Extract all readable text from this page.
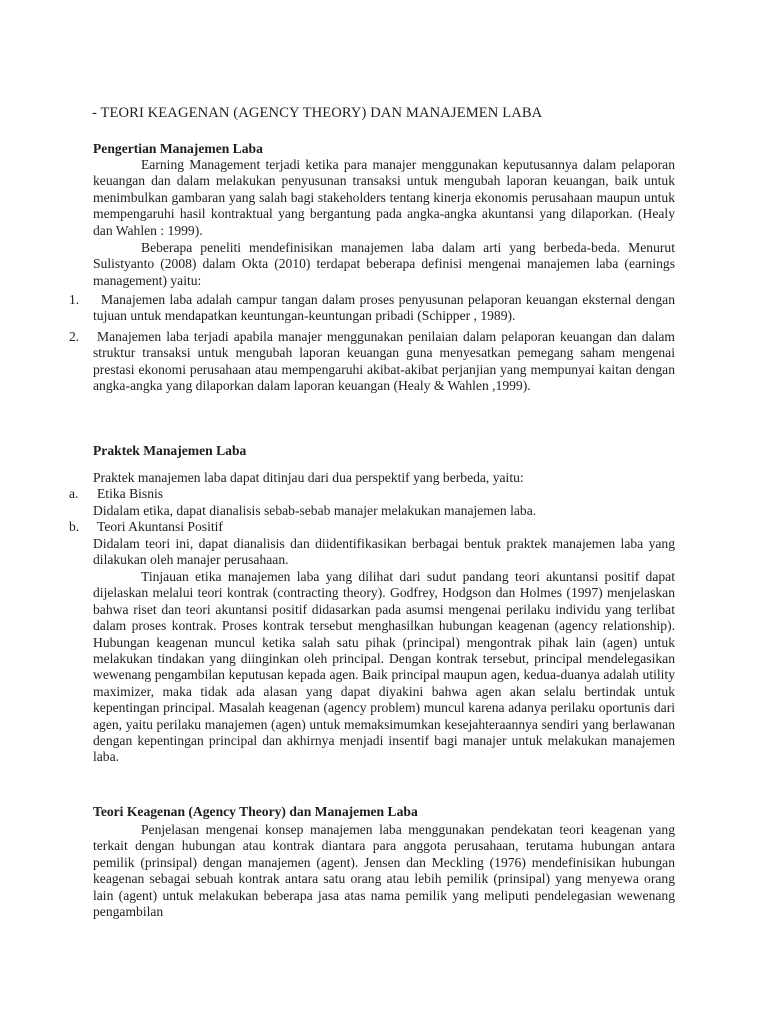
- TEORI KEAGENAN (AGENCY THEORY) DAN MANAJEMEN LABA
Pengertian Manajemen Laba

Earning Management terjadi ketika para manajer menggunakan keputusannya dalam pelaporan keuangan dan dalam melakukan penyusunan transaksi untuk mengubah laporan keuangan, baik untuk menimbulkan gambaran yang salah bagi stakeholders tentang kinerja ekonomis perusahaan maupun untuk mempengaruhi hasil kontraktual yang bergantung pada angka-angka akuntansi yang dilaporkan. (Healy dan Wahlen : 1999).

Beberapa peneliti mendefinisikan manajemen laba dalam arti yang berbeda-beda. Menurut Sulistyanto (2008) dalam Okta (2010) terdapat beberapa definisi mengenai manajemen laba (earnings management) yaitu:

1.	Manajemen laba adalah campur tangan dalam proses penyusunan pelaporan keuangan eksternal dengan tujuan untuk mendapatkan keuntungan-keuntungan pribadi (Schipper , 1989).
2. Manajemen laba terjadi apabila manajer menggunakan penilaian dalam pelaporan keuangan dan dalam struktur transaksi untuk mengubah laporan keuangan guna menyesatkan pemegang saham mengenai prestasi ekonomi perusahaan atau mempengaruhi akibat-akibat perjanjian yang mempunyai kaitan dengan angka-angka yang dilaporkan dalam laporan keuangan (Healy & Wahlen ,1999).
Praktek Manajemen Laba
Praktek manajemen laba dapat ditinjau dari dua perspektif yang berbeda, yaitu:
a. Etika Bisnis
Didalam etika, dapat dianalisis sebab-sebab manajer melakukan manajemen laba.
b. Teori Akuntansi Positif

Didalam teori ini, dapat dianalisis dan diidentifikasikan berbagai bentuk praktek manajemen laba yang dilakukan oleh manajer perusahaan.

Tinjauan etika manajemen laba yang dilihat dari sudut pandang teori akuntansi positif dapat dijelaskan melalui teori kontrak (contracting theory). Godfrey, Hodgson dan Holmes (1997) menjelaskan bahwa riset dan teori akuntansi positif didasarkan pada asumsi mengenai perilaku individu yang terlibat dalam proses kontrak. Proses kontrak tersebut menghasilkan hubungan keagenan (agency relationship). Hubungan keagenan muncul ketika salah satu pihak (principal) mengontrak pihak lain (agen) untuk melakukan tindakan yang diinginkan oleh principal. Dengan kontrak tersebut, principal mendelegasikan wewenang pengambilan keputusan kepada agen. Baik principal maupun agen, kedua-duanya adalah utility maximizer, maka tidak ada alasan yang dapat diyakini bahwa agen akan selalu bertindak untuk kepentingan principal. Masalah keagenan (agency problem) muncul karena adanya perilaku oportunis dari agen, yaitu perilaku manajemen (agen) untuk memaksimumkan kesejahteraannya sendiri yang berlawanan dengan kepentingan principal dan akhirnya menjadi insentif bagi manajer untuk melakukan manajemen laba.

Teori Keagenan (Agency Theory) dan Manajemen Laba

Penjelasan mengenai konsep manajemen laba menggunakan pendekatan teori keagenan yang terkait dengan hubungan atau kontrak diantara para anggota perusahaan, terutama hubungan antara pemilik (prinsipal) dengan manajemen (agent). Jensen dan Meckling (1976) mendefinisikan hubungan keagenan sebagai sebuah kontrak antara satu orang atau lebih pemilik (prinsipal) yang menyewa orang lain (agent) untuk melakukan beberapa jasa atas nama pemilik yang meliputi pendelegasian wewenang pengambilan
